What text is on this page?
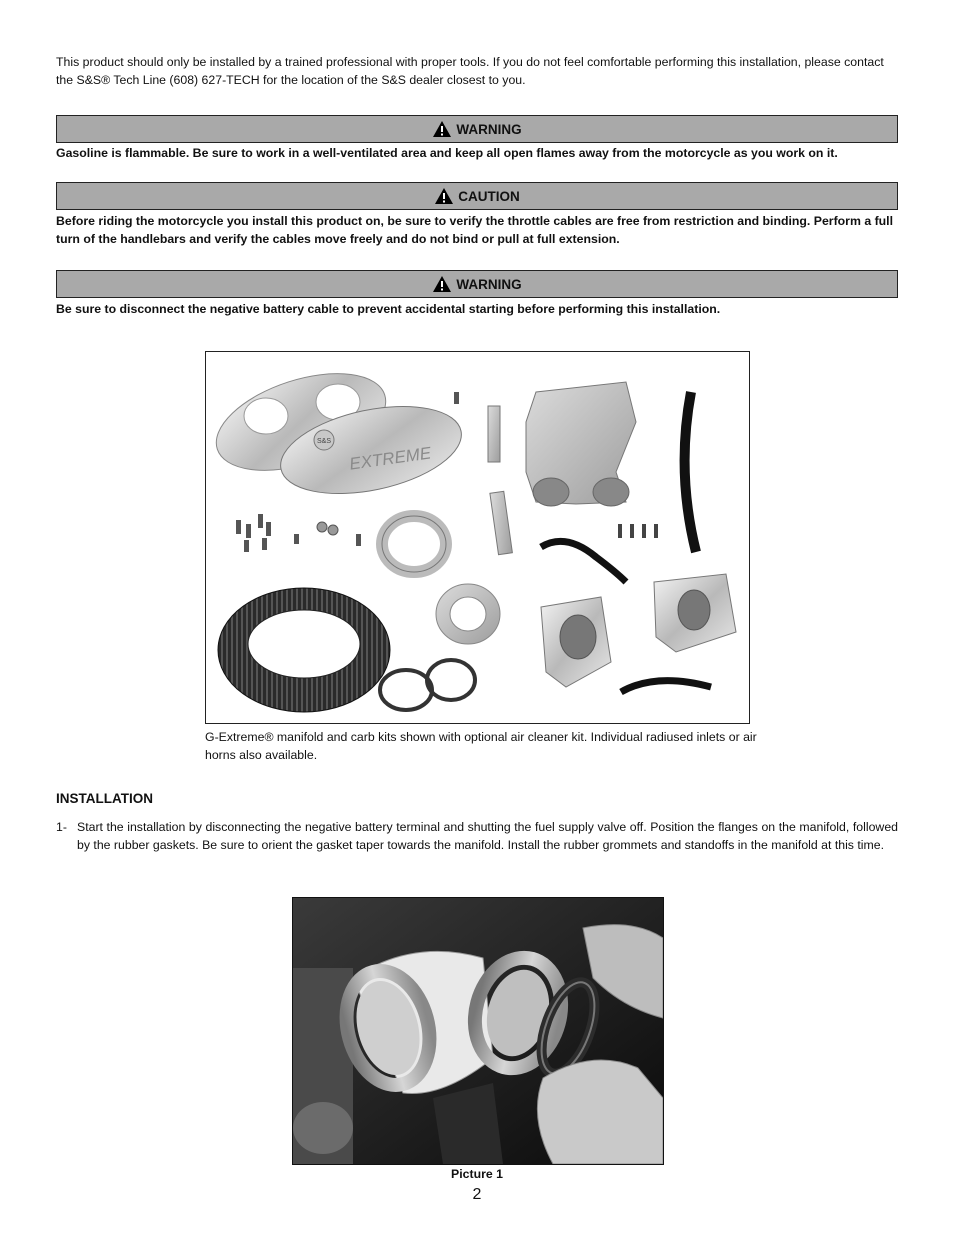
This product should only be installed by a trained professional with proper tools. If you do not feel comfortable performing this installation, please contact the S&S® Tech Line (608) 627-TECH for the location of the S&S dealer closest to you.

WARNING

Gasoline is flammable. Be sure to work in a well-ventilated area and keep all open flames away from the motorcycle as you work on it.

CAUTION

Before riding the motorcycle you install this product on, be sure to verify the throttle cables are free from restriction and binding. Perform a full turn of the handlebars and verify the cables move freely and do not bind or pull at full extension.

WARNING

Be sure to disconnect the negative battery cable to prevent accidental starting before performing this installation.

S&S
EXTREME

G-Extreme® manifold and carb kits shown with optional air cleaner kit. Individual radiused inlets or air horns also available.

INSTALLATION

1- Start the installation by disconnecting the negative battery terminal and shutting the fuel supply valve off. Position the flanges on the manifold, followed by the rubber gaskets. Be sure to orient the gasket taper towards the manifold. Install the rubber grommets and standoffs in the manifold at this time.
Picture 1
2
